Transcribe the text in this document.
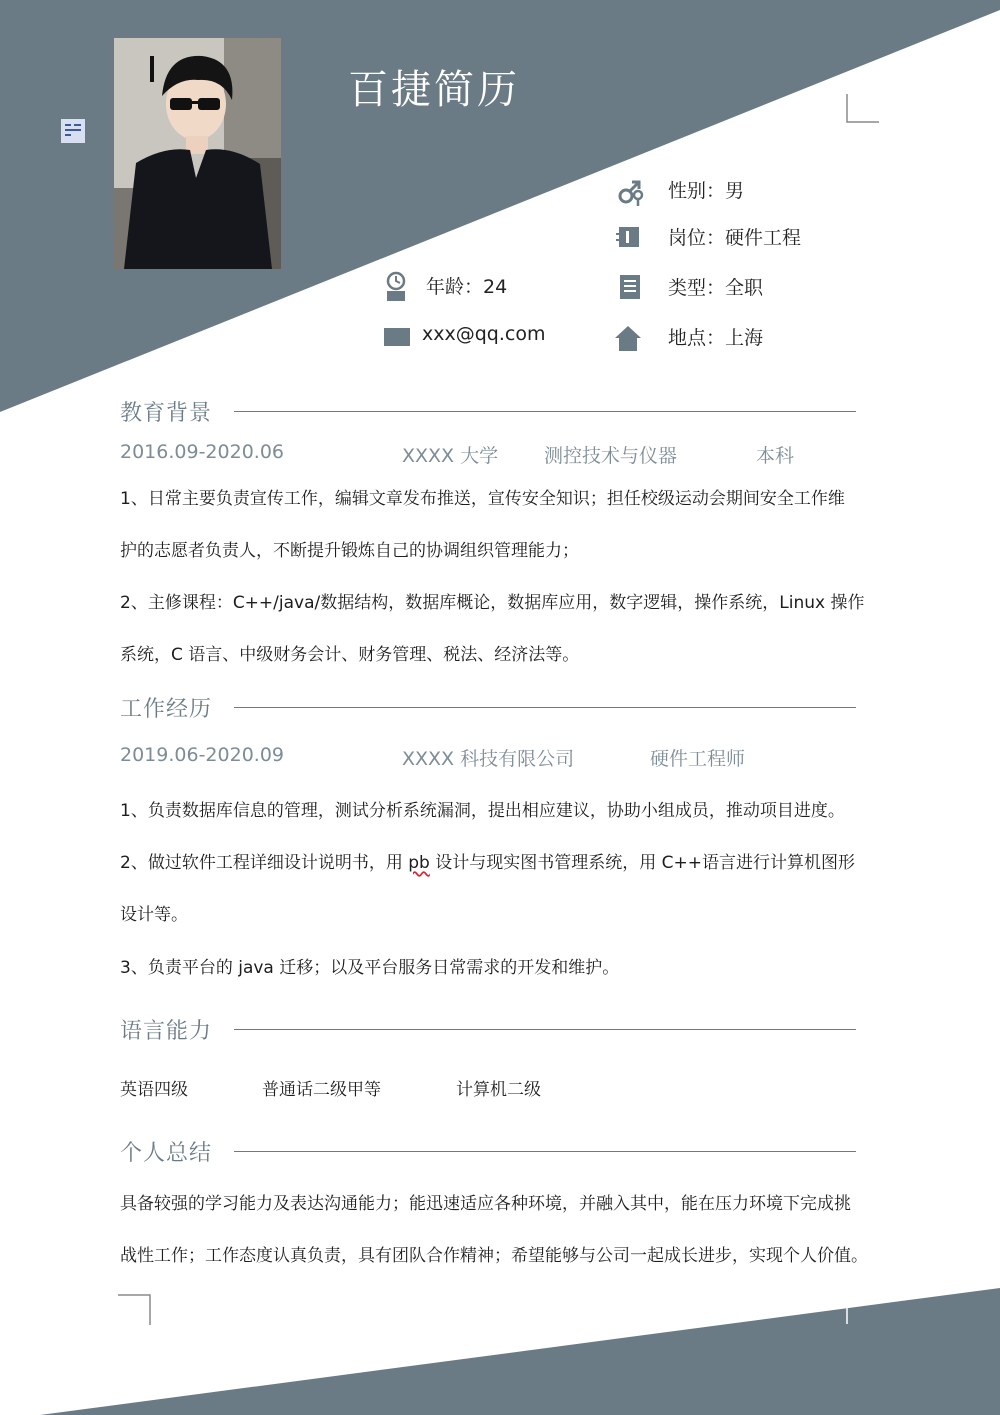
百捷简历
性别：男
岗位：硬件工程
年龄：24	类型：全职
xxx@qq.com	地点：上海
教育背景
2016.09-2020.06	XXXX 大学 测控技术与仪器	本科
1、日常主要负责宣传工作，编辑文章发布推送，宣传安全知识；担任校级运动会期间安全工作维
护的志愿者负责人，不断提升锻炼自己的协调组织管理能力；
2、主修课程：C++/java/数据结构，数据库概论，数据库应用，数字逻辑，操作系统，Linux 操作
系统，C 语言、中级财务会计、财务管理、税法、经济法等。
工作经历
2019.06-2020.09	XXXX 科技有限公司	硬件工程师
1、负责数据库信息的管理，测试分析系统漏洞，提出相应建议，协助小组成员，推动项目进度。
2、做过软件工程详细设计说明书，用 pb 设计与现实图书管理系统，用 C++语言进行计算机图形
设计等。
3、负责平台的 java 迁移；以及平台服务日常需求的开发和维护。
语言能力
英语四级	普通话二级甲等	计算机二级
个人总结
具备较强的学习能力及表达沟通能力；能迅速适应各种环境，并融入其中，能在压力环境下完成挑
战性工作；工作态度认真负责，具有团队合作精神；希望能够与公司一起成长进步，实现个人价值。
